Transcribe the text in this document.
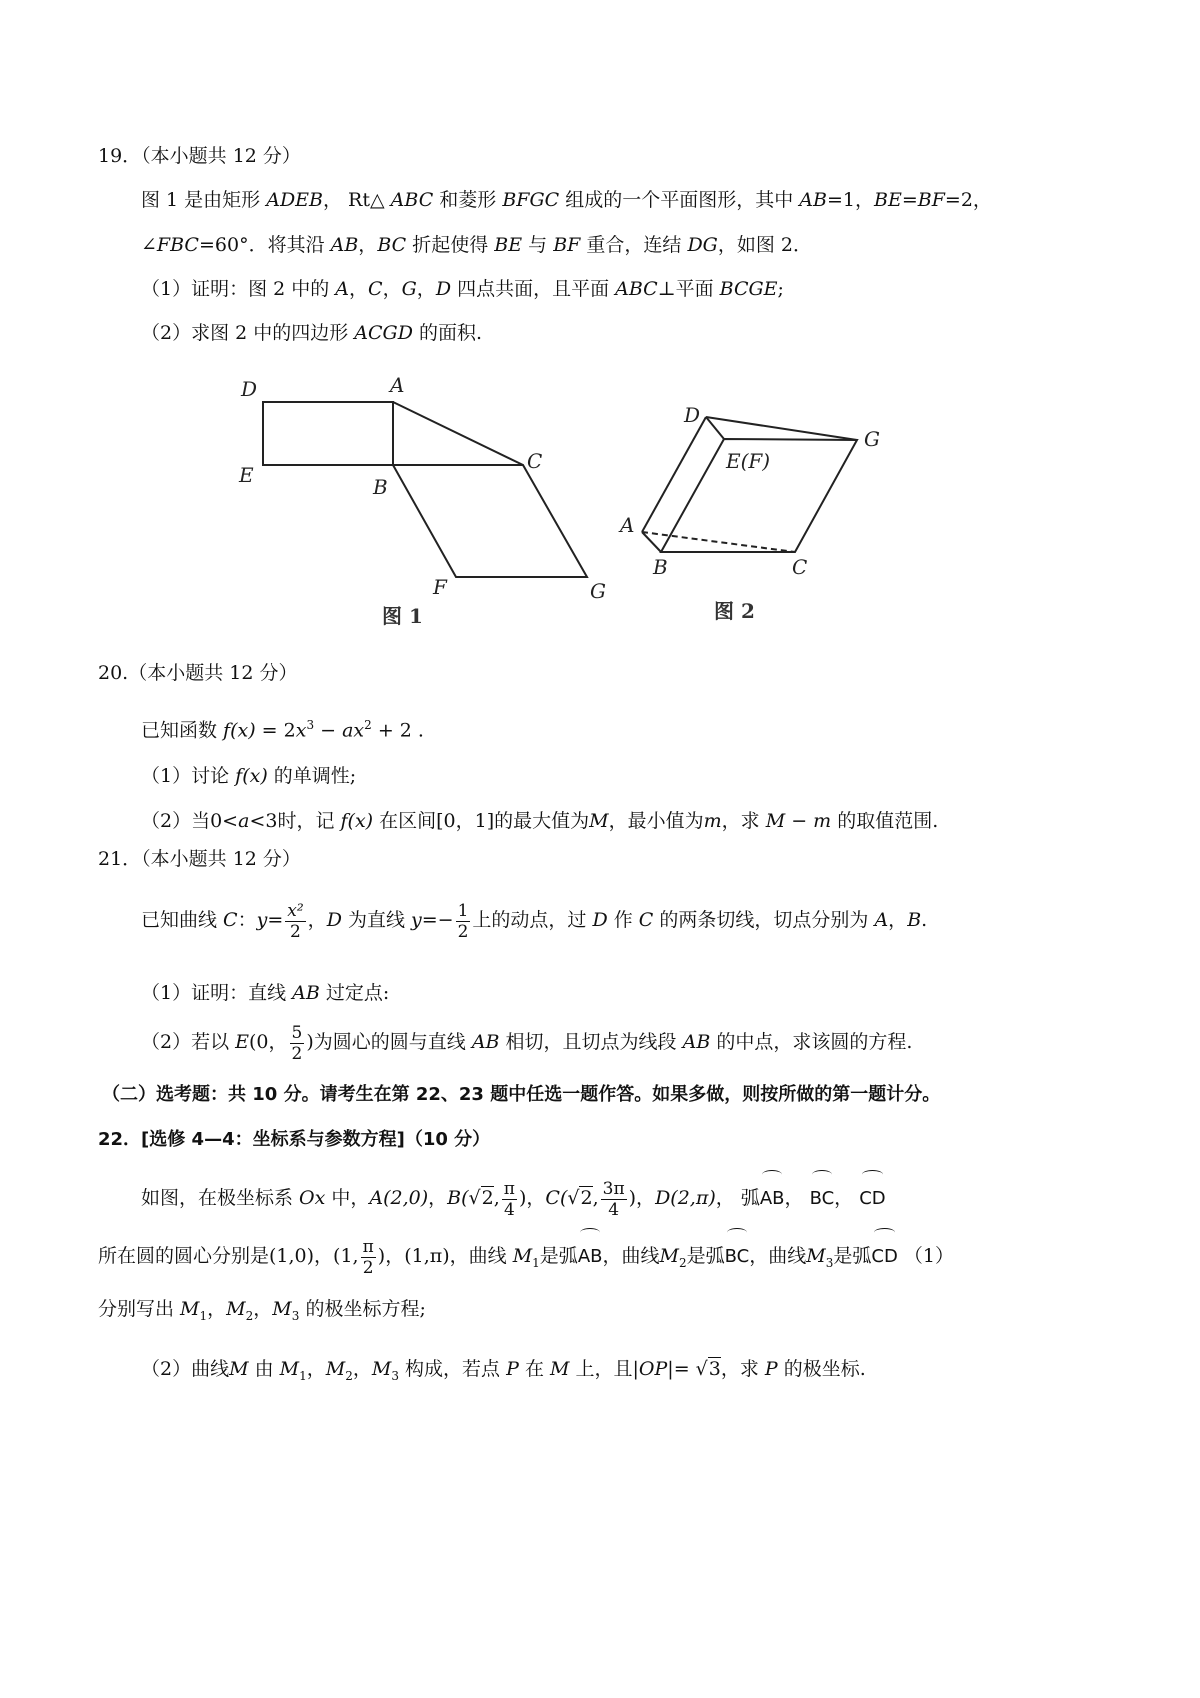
19．（本小题共 12 分）
图 1 是由矩形 ADEB， Rt△ ABC 和菱形 BFGC 组成的一个平面图形，其中 AB=1，BE=BF=2，
∠FBC=60°．将其沿 AB，BC 折起使得 BE 与 BF 重合，连结 DG，如图 2．
（1）证明：图 2 中的 A，C，G，D 四点共面，且平面 ABC⊥平面 BCGE;
（2）求图 2 中的四边形 ACGD 的面积.
D	A
E	B
C
F	G
图 1
D
G
E(F)
A
B	C
图 2
20.（本小题共 12 分）
已知函数 $f(x) = 2x^3 - ax^2 + 2$ .
（1）讨论 f(x) 的单调性;
（2）当0<a<3时，记 f(x) 在区间[0，1]的最大值为M，最小值为m，求 M − m 的取值范围.
21．（本小题共 12 分）
已知曲线 C：$y= \frac{\text{x²}}{2}$ ，D 为直线 $y=- \frac{1}{2}$ 上的动点，过 D 作 C 的两条切线，切点分别为 A，B.
（1）证明：直线 AB 过定点:
（2）若以 E(0， $\frac{5}{2}$ )为圆心的圆与直线 AB 相切，且切点为线段 AB 的中点，求该圆的方程.
（二）选考题：共 10 分。请考生在第 22、23 题中任选一题作答。如果多做，则按所做的第一题计分。
22．[选修 4—4：坐标系与参数方程]（10 分）
如图，在极坐标系 Ox 中，A(2,0)，B(√2, $\frac{\pi}{4}$ )，C(√2, $\frac{3\pi}{4}$ )，D(2,π)， 弧AB， BC， CD
所在圆的圆心分别是(1,0)，(1, $\frac{\pi}{2}$ )，(1,π)，曲线 $M_1$是弧AB，曲线$M_2$是弧BC，曲线$M_3$是弧CD （1）
分别写出 $M_1$，$M_2$，$M_3$ 的极坐标方程;
（2）曲线M 由 $M_1$，$M_2$，$M_3$ 构成，若点 P 在 M 上，且|OP|= √3，求 P 的极坐标.
